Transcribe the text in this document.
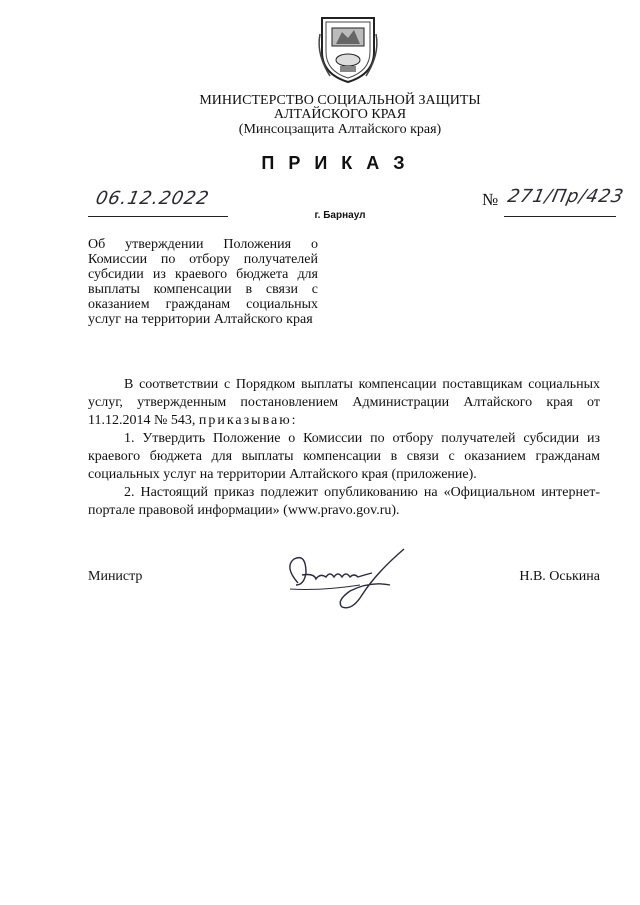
МИНИСТЕРСТВО СОЦИАЛЬНОЙ ЗАЩИТЫ
АЛТАЙСКОГО КРАЯ
(Минсоцзащита Алтайского края)
ПРИКАЗ
06.12.2022	№ 271/Пр/423
г. Барнаул
Об утверждении Положения о Комиссии по отбору получателей субсидии из краевого бюджета для выплаты компенсации в связи с оказанием гражданам социальных услуг на территории Алтайского края

В соответствии с Порядком выплаты компенсации поставщикам социальных услуг, утвержденным постановлением Администрации Алтайского края от 11.12.2014 № 543, приказываю:

1. Утвердить Положение о Комиссии по отбору получателей субсидии из краевого бюджета для выплаты компенсации в связи с оказанием гражданам социальных услуг на территории Алтайского края (приложение).

2. Настоящий приказ подлежит опубликованию на «Официальном интернет-портале правовой информации» (www.pravo.gov.ru).

Министр	Н.В. Оськина
